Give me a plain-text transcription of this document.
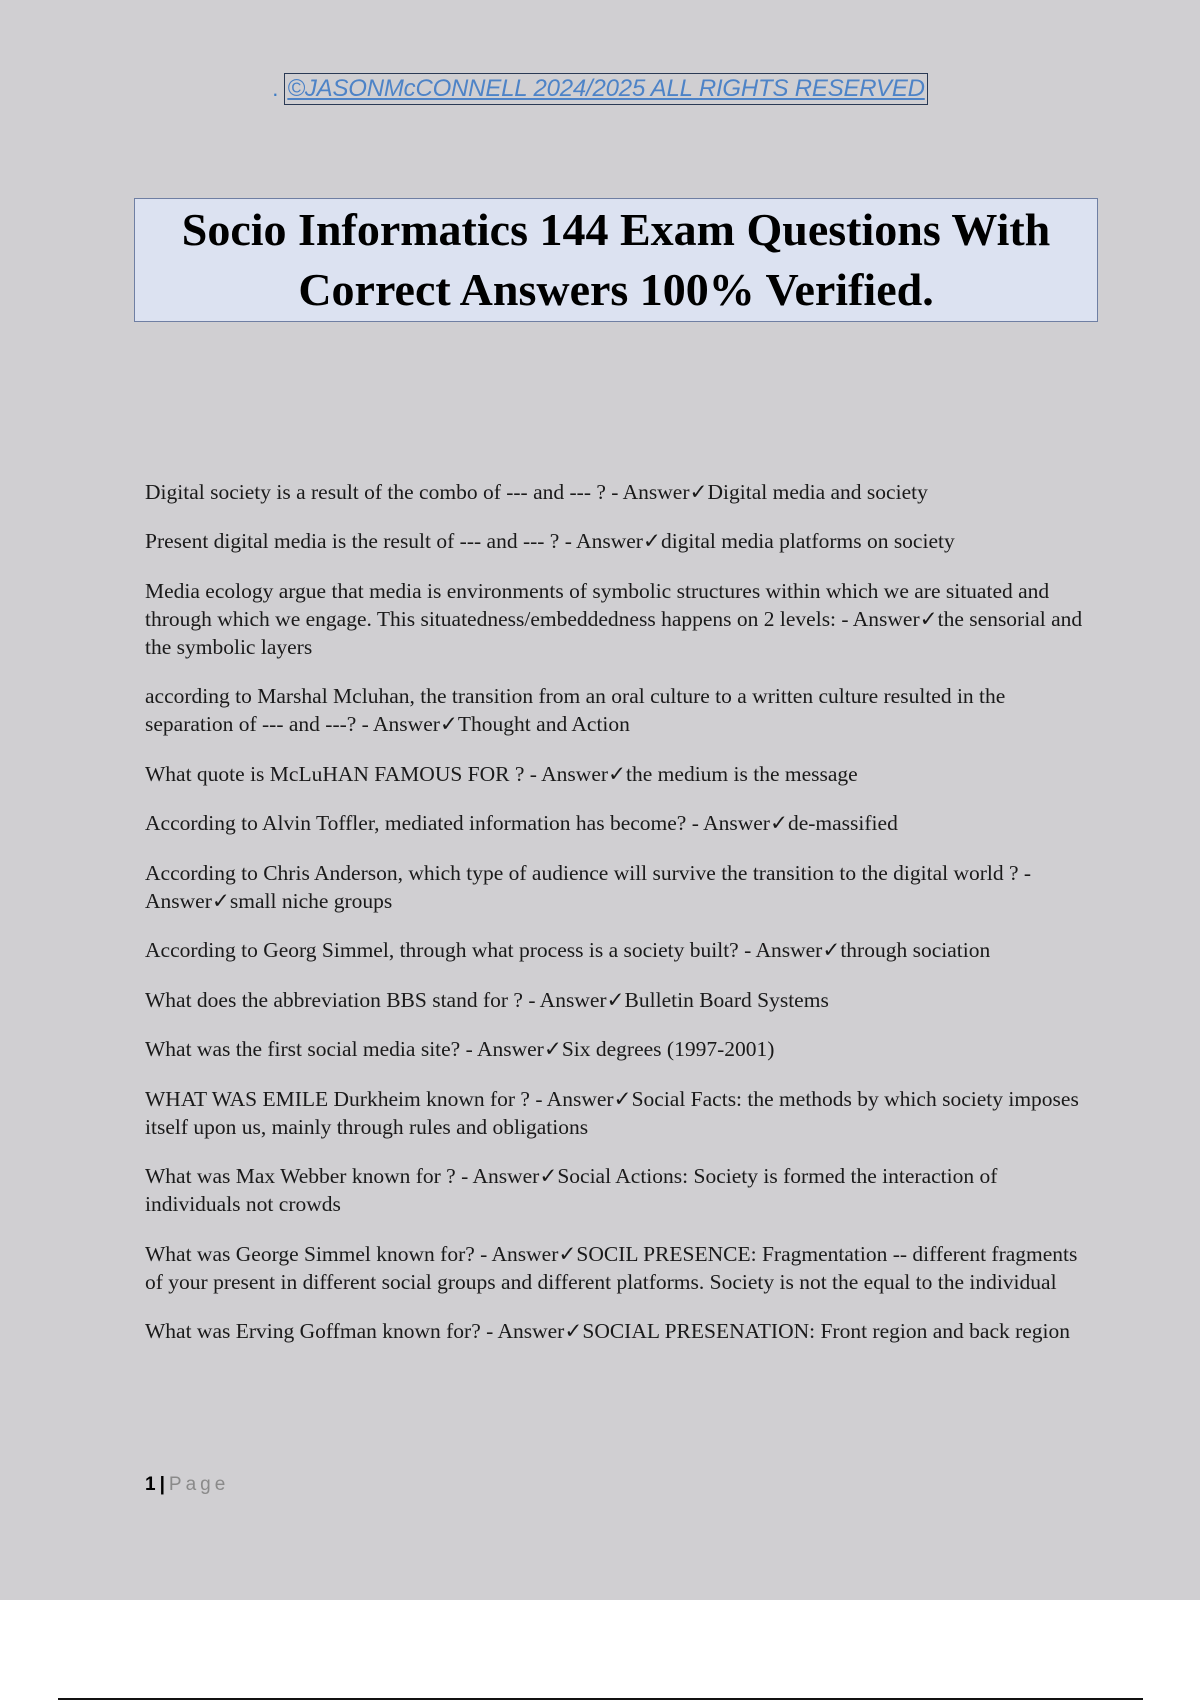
. ©JASONMcCONNELL 2024/2025 ALL RIGHTS RESERVED
Socio Informatics 144 Exam Questions With
Correct Answers 100% Verified.

Digital society is a result of the combo of --- and --- ? - Answer✓Digital media and society

Present digital media is the result of --- and --- ? - Answer✓digital media platforms on society

Media ecology argue that media is environments of symbolic structures within which we are situated and through which we engage. This situatedness/embeddedness happens on 2 levels: - Answer✓the sensorial and the symbolic layers

according to Marshal Mcluhan, the transition from an oral culture to a written culture resulted in the separation of --- and ---? - Answer✓Thought and Action

What quote is McLuHAN FAMOUS FOR ? - Answer✓the medium is the message

According to Alvin Toffler, mediated information has become? - Answer✓de-massified

According to Chris Anderson, which type of audience will survive the transition to the digital world ? - Answer✓small niche groups

According to Georg Simmel, through what process is a society built? - Answer✓through sociation

What does the abbreviation BBS stand for ? - Answer✓Bulletin Board Systems

What was the first social media site? - Answer✓Six degrees (1997-2001)

WHAT WAS EMILE Durkheim known for ? - Answer✓Social Facts: the methods by which society imposes itself upon us, mainly through rules and obligations

What was Max Webber known for ? - Answer✓Social Actions: Society is formed the interaction of individuals not crowds

What was George Simmel known for? - Answer✓SOCIL PRESENCE: Fragmentation -- different fragments of your present in different social groups and different platforms. Society is not the equal to the individual

What was Erving Goffman known for? - Answer✓SOCIAL PRESENATION: Front region and back region

1 | Page
